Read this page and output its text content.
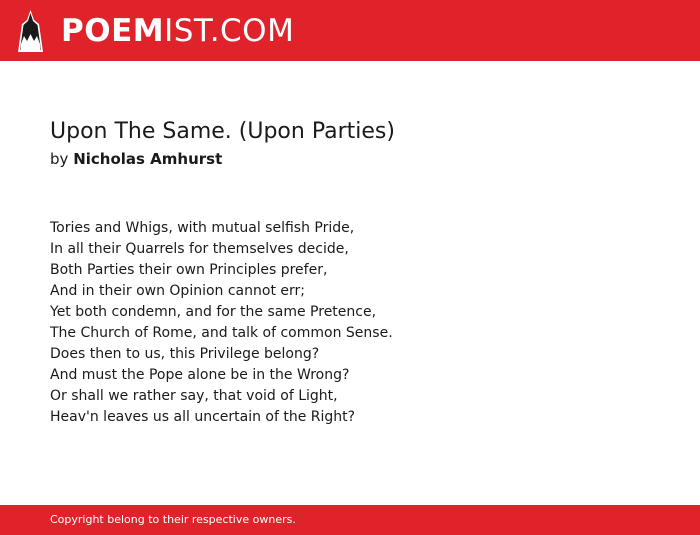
POEMIST.COM
Upon The Same. (Upon Parties)
by Nicholas Amhurst
Tories and Whigs, with mutual selfish Pride,
In all their Quarrels for themselves decide,
Both Parties their own Principles prefer,
And in their own Opinion cannot err;
Yet both condemn, and for the same Pretence,
The Church of Rome, and talk of common Sense.
Does then to us, this Privilege belong?
And must the Pope alone be in the Wrong?
Or shall we rather say, that void of Light,
Heav'n leaves us all uncertain of the Right?
Copyright belong to their respective owners.
